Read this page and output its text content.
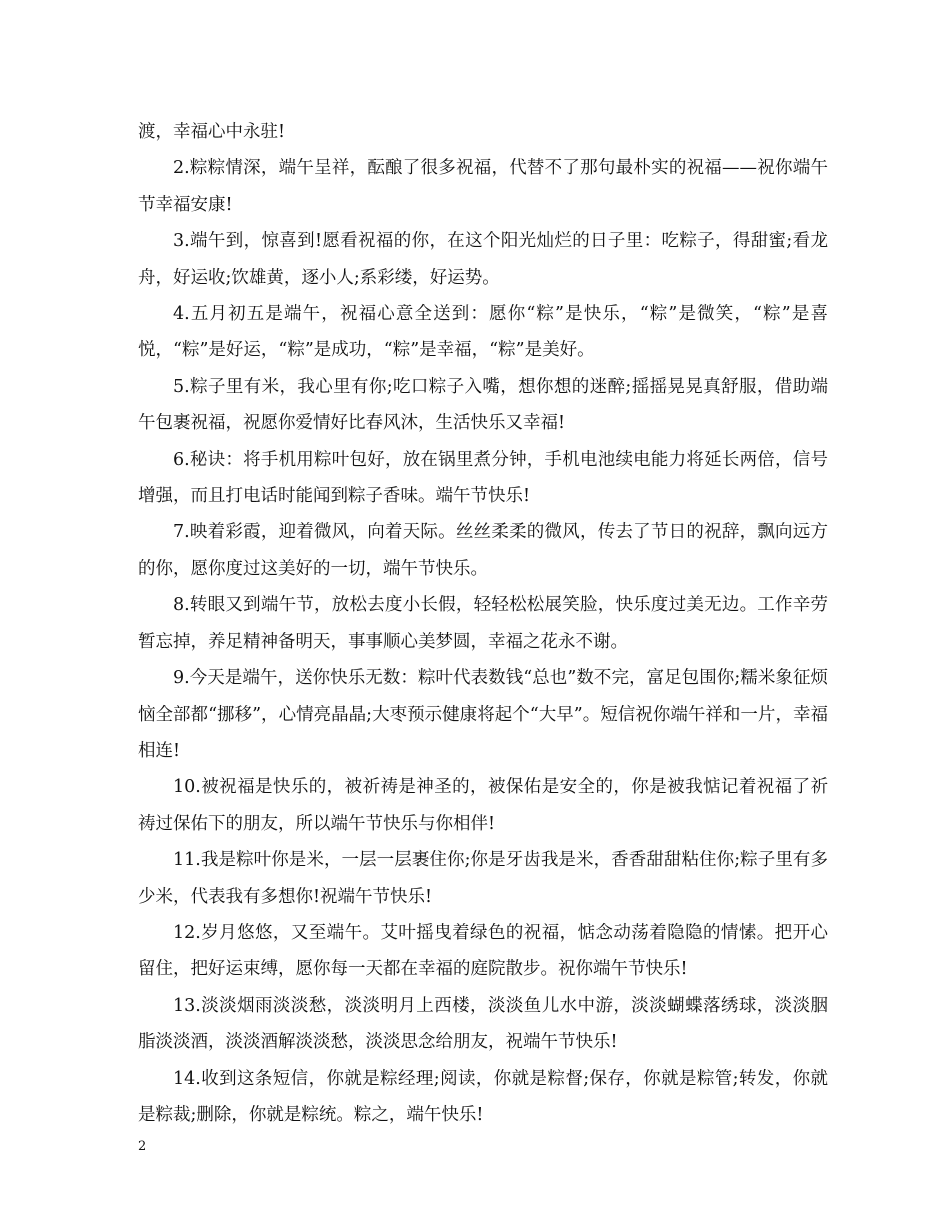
渡，幸福心中永驻!

2.粽粽情深，端午呈祥，酝酿了很多祝福，代替不了那句最朴实的祝福——祝你端午节幸福安康!

3.端午到，惊喜到!愿看祝福的你，在这个阳光灿烂的日子里：吃粽子，得甜蜜;看龙舟，好运收;饮雄黄，逐小人;系彩缕，好运势。

4.五月初五是端午，祝福心意全送到：愿你“粽”是快乐，“粽”是微笑，“粽”是喜悦，“粽”是好运，“粽”是成功，“粽”是幸福，“粽”是美好。

5.粽子里有米，我心里有你;吃口粽子入嘴，想你想的迷醉;摇摇晃晃真舒服，借助端午包裹祝福，祝愿你爱情好比春风沐，生活快乐又幸福!

6.秘诀：将手机用粽叶包好，放在锅里煮分钟，手机电池续电能力将延长两倍，信号增强，而且打电话时能闻到粽子香味。端午节快乐!

7.映着彩霞，迎着微风，向着天际。丝丝柔柔的微风，传去了节日的祝辞，飘向远方的你，愿你度过这美好的一切，端午节快乐。

8.转眼又到端午节，放松去度小长假，轻轻松松展笑脸，快乐度过美无边。工作辛劳暂忘掉，养足精神备明天，事事顺心美梦圆，幸福之花永不谢。

9.今天是端午，送你快乐无数：粽叶代表数钱“总也”数不完，富足包围你;糯米象征烦恼全部都“挪移”，心情亮晶晶;大枣预示健康将起个“大早”。短信祝你端午祥和一片，幸福相连!

10.被祝福是快乐的，被祈祷是神圣的，被保佑是安全的，你是被我惦记着祝福了祈祷过保佑下的朋友，所以端午节快乐与你相伴!

11.我是粽叶你是米，一层一层裹住你;你是牙齿我是米，香香甜甜粘住你;粽子里有多少米，代表我有多想你!祝端午节快乐!

12.岁月悠悠，又至端午。艾叶摇曳着绿色的祝福，惦念动荡着隐隐的情愫。把开心留住，把好运束缚，愿你每一天都在幸福的庭院散步。祝你端午节快乐!

13.淡淡烟雨淡淡愁，淡淡明月上西楼，淡淡鱼儿水中游，淡淡蝴蝶落绣球，淡淡胭脂淡淡酒，淡淡酒解淡淡愁，淡淡思念给朋友，祝端午节快乐!

14.收到这条短信，你就是粽经理;阅读，你就是粽督;保存，你就是粽管;转发，你就是粽裁;删除，你就是粽统。粽之，端午快乐!

2
